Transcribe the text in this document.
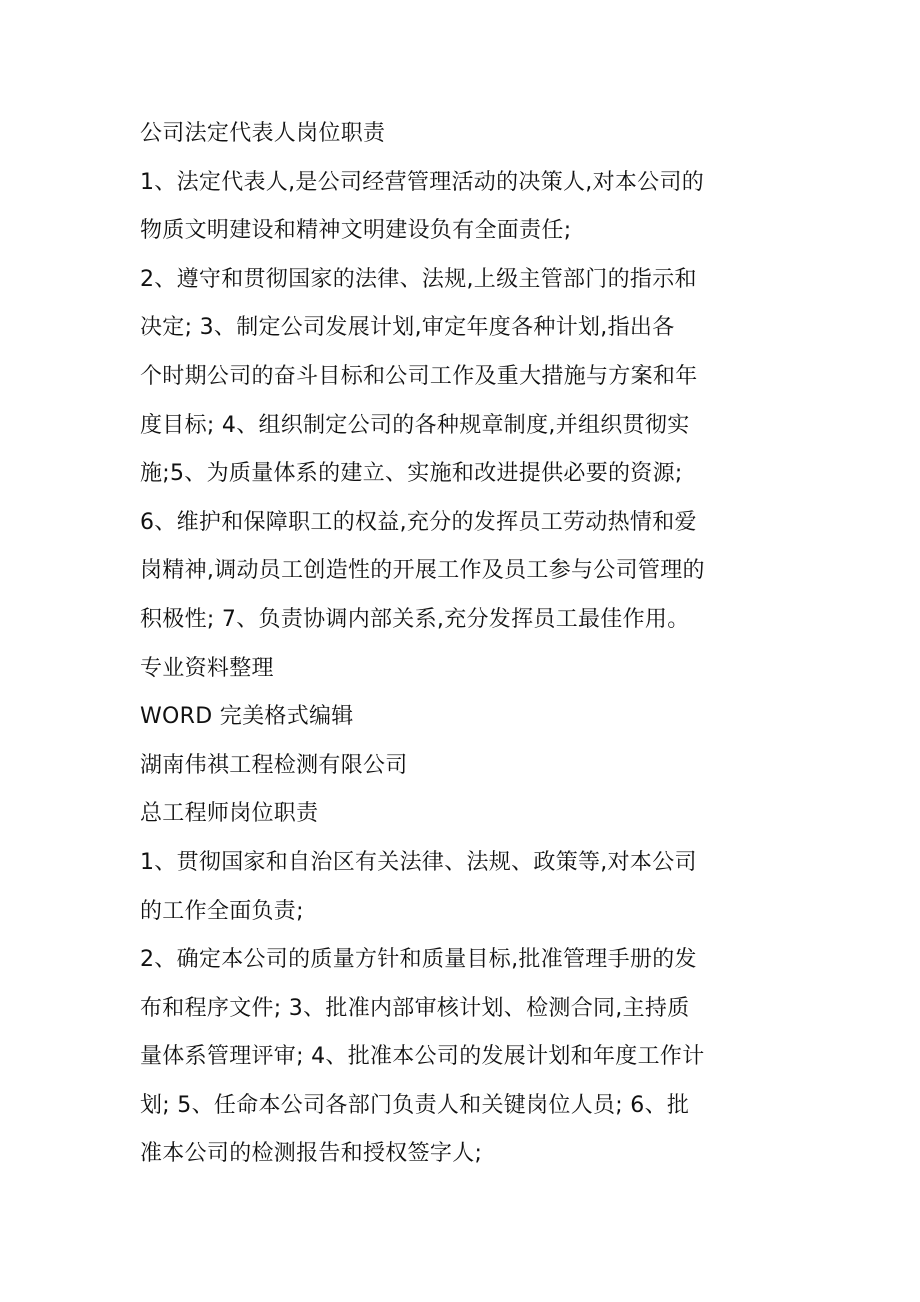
公司法定代表人岗位职责
1、法定代表人,是公司经营管理活动的决策人,对本公司的
物质文明建设和精神文明建设负有全面责任;
2、遵守和贯彻国家的法律、法规,上级主管部门的指示和
决定; 3、制定公司发展计划,审定年度各种计划,指出各
个时期公司的奋斗目标和公司工作及重大措施与方案和年
度目标; 4、组织制定公司的各种规章制度,并组织贯彻实
施;5、为质量体系的建立、实施和改进提供必要的资源;
6、维护和保障职工的权益,充分的发挥员工劳动热情和爱
岗精神,调动员工创造性的开展工作及员工参与公司管理的
积极性; 7、负责协调内部关系,充分发挥员工最佳作用。
专业资料整理
WORD 完美格式编辑
湖南伟祺工程检测有限公司
总工程师岗位职责
1、贯彻国家和自治区有关法律、法规、政策等,对本公司
的工作全面负责;
2、确定本公司的质量方针和质量目标,批准管理手册的发
布和程序文件; 3、批准内部审核计划、检测合同,主持质
量体系管理评审; 4、批准本公司的发展计划和年度工作计
划; 5、任命本公司各部门负责人和关键岗位人员; 6、批
准本公司的检测报告和授权签字人;
